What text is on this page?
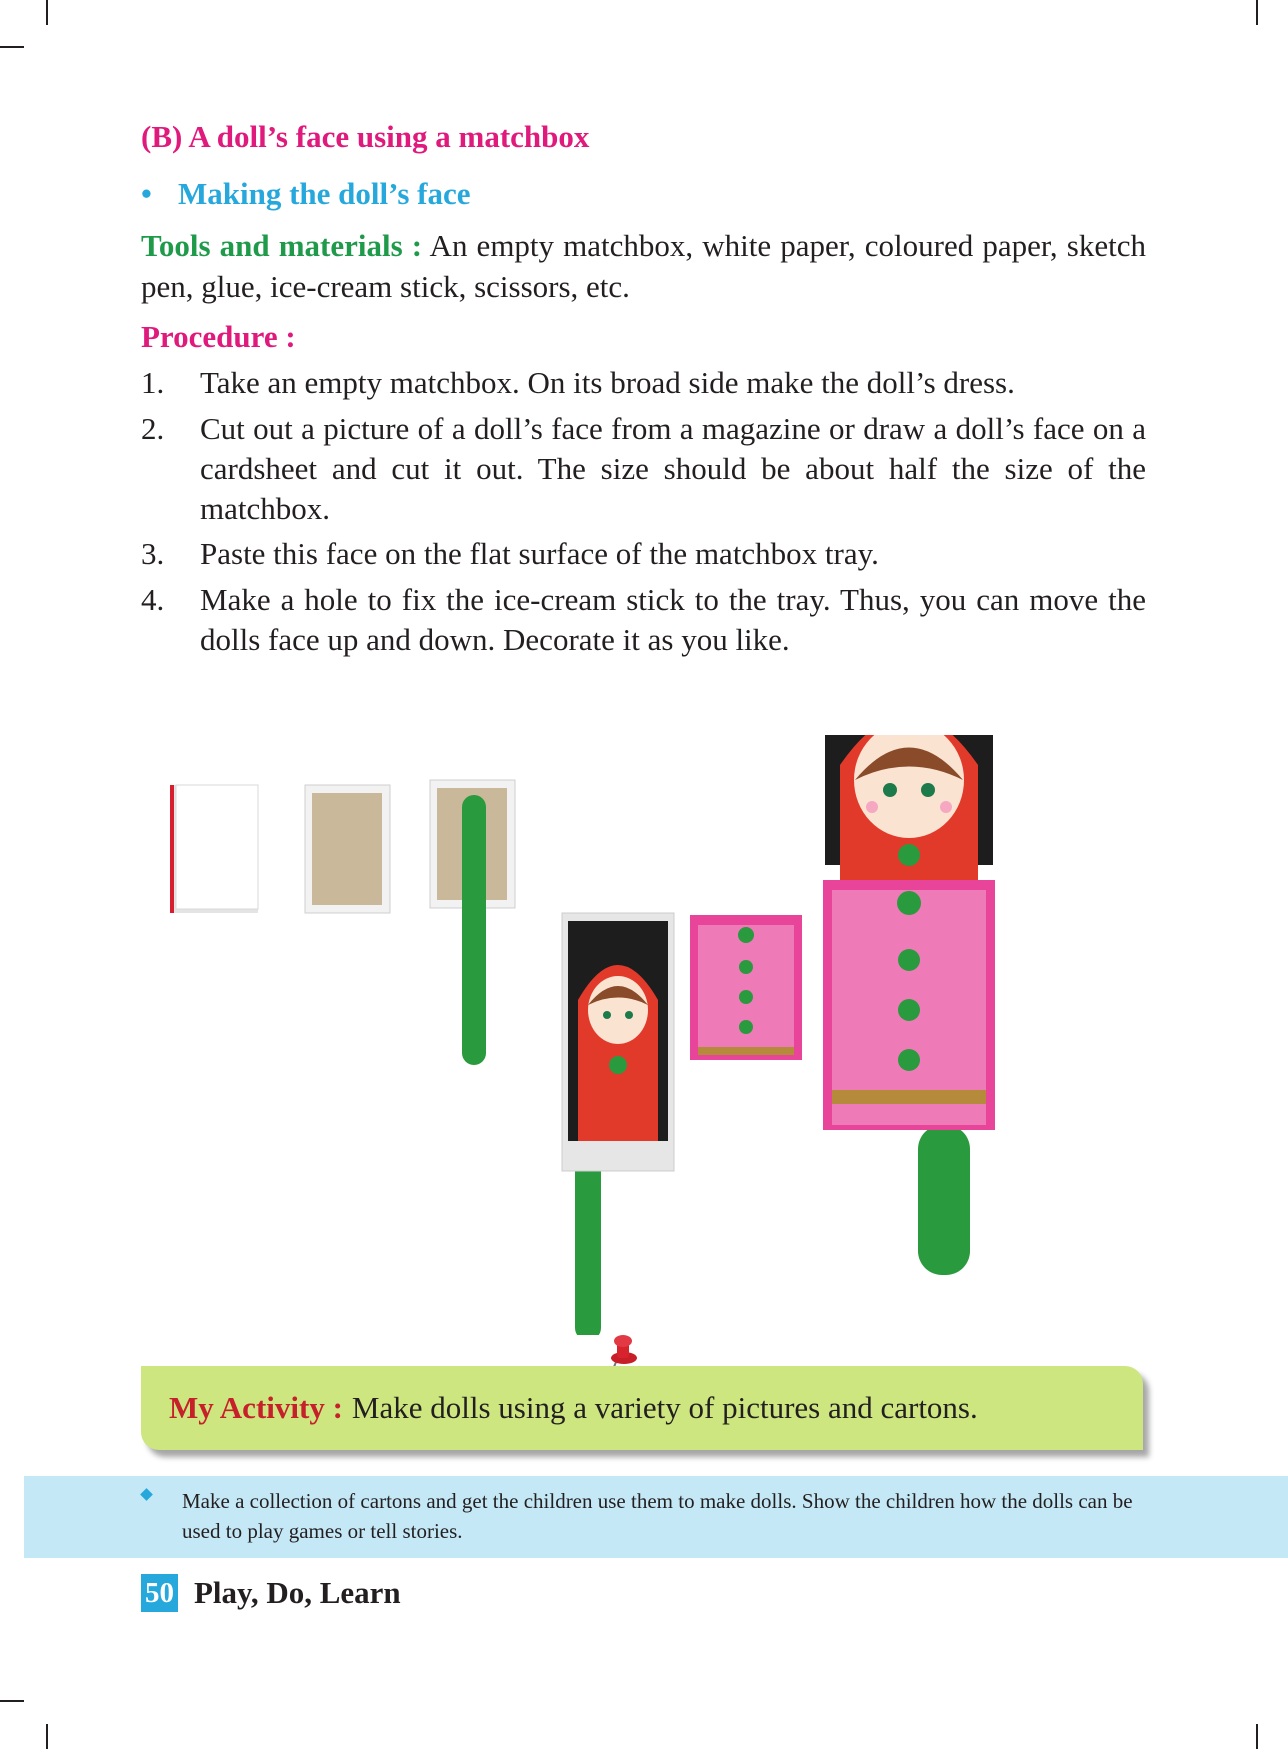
(B) A doll’s face using a matchbox
• Making the doll’s face

Tools and materials : An empty matchbox, white paper, coloured paper, sketch pen, glue, ice-cream stick, scissors, etc.

Procedure :
1.	Take an empty matchbox. On its broad side make the doll’s dress.
2.	Cut out a picture of a doll’s face from a magazine or draw a doll’s face on a cardsheet and cut it out. The size should be about half the size of the matchbox.
3.	Paste this face on the flat surface of the matchbox tray.
4.	Make a hole to fix the ice-cream stick to the tray. Thus, you can move the dolls face up and down. Decorate it as you like.
My Activity : Make dolls using a variety of pictures and cartons.
Make a collection of cartons and get the children use them to make dolls. Show the children how the dolls can be used to play games or tell stories.
50 Play, Do, Learn
